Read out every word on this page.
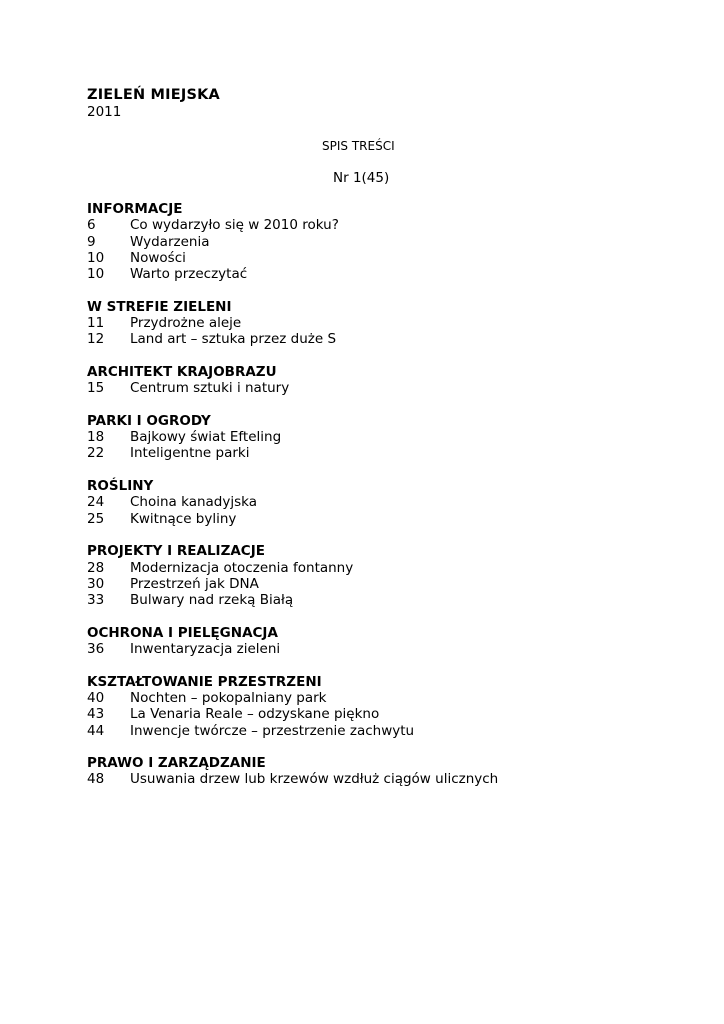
ZIELEŃ MIEJSKA
2011
SPIS TREŚCI
Nr 1(45)
INFORMACJE
6	Co wydarzyło się w 2010 roku?
9	Wydarzenia
10	Nowości
10	Warto przeczytać
W STREFIE ZIELENI
11	Przydrożne aleje
12	Land art – sztuka przez duże S
ARCHITEKT KRAJOBRAZU
15	Centrum sztuki i natury
PARKI I OGRODY
18	Bajkowy świat Efteling
22	Inteligentne parki
ROŚLINY
24	Choina kanadyjska
25	Kwitnące byliny
PROJEKTY I REALIZACJE
28	Modernizacja otoczenia fontanny
30	Przestrzeń jak DNA
33	Bulwary nad rzeką Białą
OCHRONA I PIELĘGNACJA
36	Inwentaryzacja zieleni
KSZTAŁTOWANIE PRZESTRZENI
40	Nochten – pokopalniany park
43	La Venaria Reale – odzyskane piękno
44	Inwencje twórcze – przestrzenie zachwytu
PRAWO I ZARZĄDZANIE
48	Usuwania drzew lub krzewów wzdłuż ciągów ulicznych
